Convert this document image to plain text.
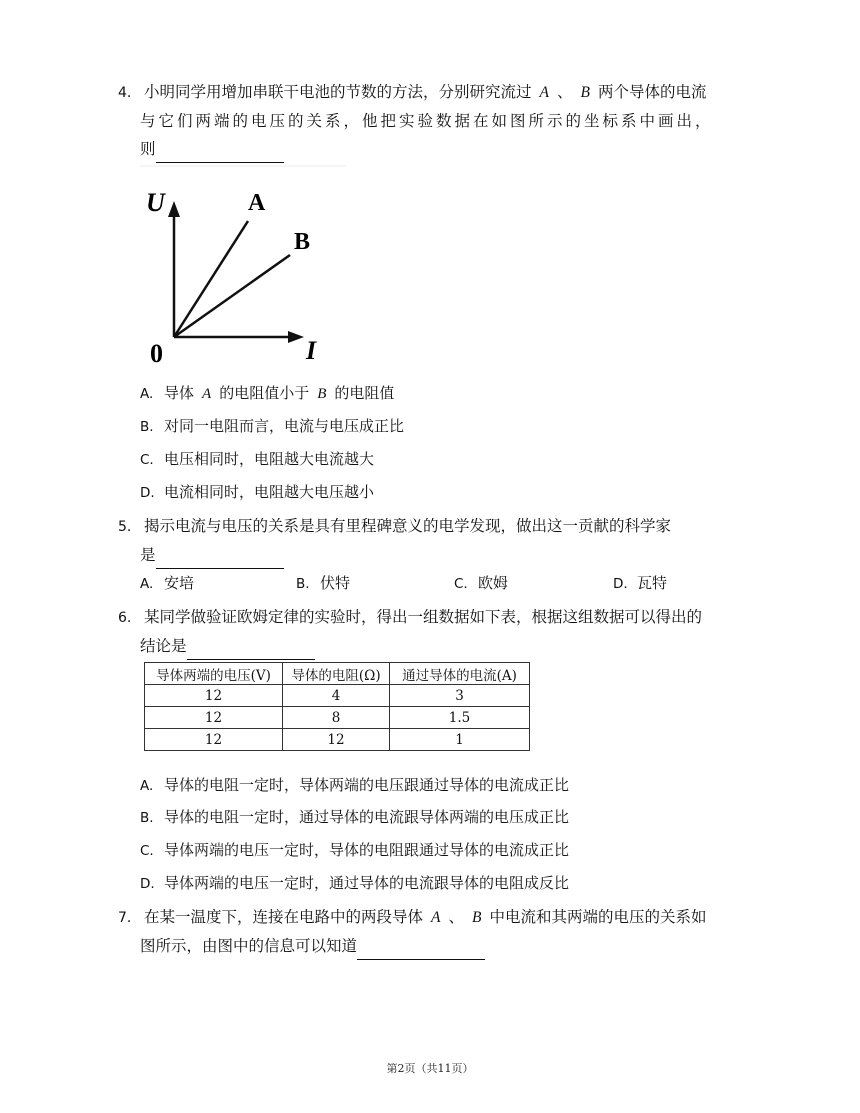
4. 小明同学用增加串联干电池的节数的方法，分别研究流过 A 、 B 两个导体的电流
与它们两端的电压的关系，他把实验数据在如图所示的坐标系中画出，
则
U
I
0
A
B
A. 导体 A 的电阻值小于 B 的电阻值
B. 对同一电阻而言，电流与电压成正比
C. 电压相同时，电阻越大电流越大
D. 电流相同时，电阻越大电压越小
5. 揭示电流与电压的关系是具有里程碑意义的电学发现，做出这一贡献的科学家
是
A. 安培	B. 伏特	C. 欧姆	D. 瓦特
6. 某同学做验证欧姆定律的实验时，得出一组数据如下表，根据这组数据可以得出的
结论是
导体两端的电压(V)	导体的电阻(Ω)	通过导体的电流(A)
12	4	3
12	8	1.5
12	12	1
A. 导体的电阻一定时，导体两端的电压跟通过导体的电流成正比
B. 导体的电阻一定时，通过导体的电流跟导体两端的电压成正比
C. 导体两端的电压一定时，导体的电阻跟通过导体的电流成正比
D. 导体两端的电压一定时，通过导体的电流跟导体的电阻成反比
7. 在某一温度下，连接在电路中的两段导体 A 、 B 中电流和其两端的电压的关系如
图所示，由图中的信息可以知道
第2页（共11页）
